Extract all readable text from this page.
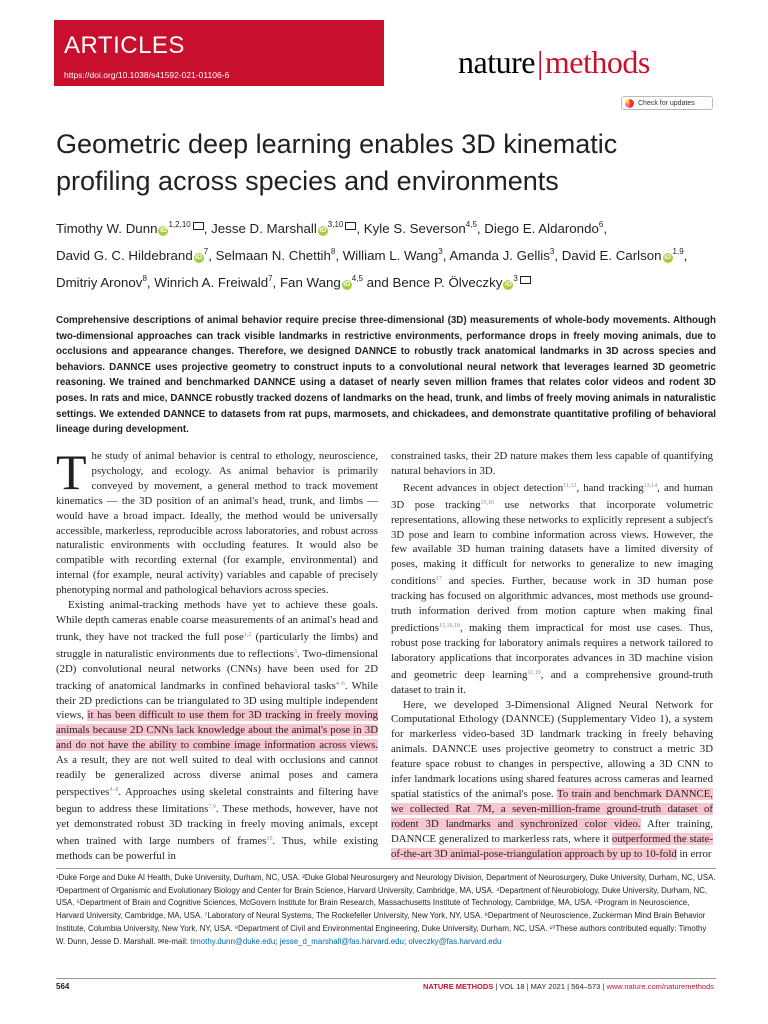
ARTICLES
https://doi.org/10.1038/s41592-021-01106-6	nature|methods
Check for updates
Geometric deep learning enables 3D kinematic profiling across species and environments
Timothy W. Dunn iD$^{1,2,10}$ , Jesse D. Marshall iD$^{3,10}$ , Kyle S. Severson$^{4,5}$, Diego E. Aldarondo$^6$, David G. C. Hildebrand $iD^7$, Selmaan N. Chettih$^8$, William L. Wang$^3$, Amanda J. Gellis$^3$, David E. Carlson iD$^{1,9}$, Dmitriy Aronov$^8$, Winrich A. Freiwald$^7$, Fan Wang iD$^{4,5}$ and Bence P. Ölveczky $iD^3$

Comprehensive descriptions of animal behavior require precise three-dimensional (3D) measurements of whole-body movements. Although two-dimensional approaches can track visible landmarks in restrictive environments, performance drops in freely moving animals, due to occlusions and appearance changes. Therefore, we designed DANNCE to robustly track anatomical landmarks in 3D across species and behaviors. DANNCE uses projective geometry to construct inputs to a convolutional neural network that leverages learned 3D geometric reasoning. We trained and benchmarked DANNCE using a dataset of nearly seven million frames that relates color videos and rodent 3D poses. In rats and mice, DANNCE robustly tracked dozens of landmarks on the head, trunk, and limbs of freely moving animals in naturalistic settings. We extended DANNCE to datasets from rat pups, marmosets, and chickadees, and demonstrate quantitative profiling of behavioral lineage during development.

The study of animal behavior is central to ethology, neuroscience, psychology, and ecology. As animal behavior is primarily conveyed by movement, a general method to track movement kinematics — the 3D position of an animal's head, trunk, and limbs — would have a broad impact. Ideally, the method would be universally accessible, markerless, reproducible across laboratories, and robust across naturalistic environments with occluding features. It would also be compatible with recording external (for example, environmental) and internal (for example, neural activity) variables and capable of precisely phenotyping normal and pathological behaviors across species.

Existing animal-tracking methods have yet to achieve these goals. While depth cameras enable coarse measurements of an animal's head and trunk, they have not tracked the full pose$^{1,2}$ (particularly the limbs) and struggle in naturalistic environments due to reflections$^3$. Two-dimensional (2D) convolutional neural networks (CNNs) have been used for 2D tracking of anatomical landmarks in confined behavioral tasks$^{4-6}$. While their 2D predictions can be triangulated to 3D using multiple independent views, it has been difficult to use them for 3D tracking in freely moving animals because 2D CNNs lack knowledge about the animal's pose in 3D and do not have the ability to combine image information across views. As a result, they are not well suited to deal with occlusions and cannot readily be generalized across diverse animal poses and camera perspectives$^{4-8}$. Approaches using skeletal constraints and filtering have begun to address these limitations$^{7,9}$. These methods, however, have not yet demonstrated robust 3D tracking in freely moving animals, except when trained with large numbers of frames$^{10}$. Thus, while existing methods can be powerful in

constrained tasks, their 2D nature makes them less capable of quantifying natural behaviors in 3D.

Recent advances in object detection$^{11,12}$, hand tracking$^{13,14}$, and human 3D pose tracking$^{15,16}$ use networks that incorporate volumetric representations, allowing these networks to explicitly represent a subject's 3D pose and learn to combine information across views. However, the few available 3D human training datasets have a limited diversity of poses, making it difficult for networks to generalize to new imaging conditions$^{17}$ and species. Further, because work in 3D human pose tracking has focused on algorithmic advances, most methods use ground-truth information derived from motion capture when making final predictions$^{15,16,18}$, making them impractical for most use cases. Thus, robust pose tracking for laboratory animals requires a network tailored to laboratory applications that incorporates advances in 3D machine vision and geometric deep learning$^{11,19}$, and a comprehensive ground-truth dataset to train it.

Here, we developed 3-Dimensional Aligned Neural Network for Computational Ethology (DANNCE) (Supplementary Video 1), a system for markerless video-based 3D landmark tracking in freely behaving animals. DANNCE uses projective geometry to construct a metric 3D feature space robust to changes in perspective, allowing a 3D CNN to infer landmark locations using shared features across cameras and learned spatial statistics of the animal's pose. To train and benchmark DANNCE, we collected Rat 7M, a seven-million-frame ground-truth dataset of rodent 3D landmarks and synchronized color video. After training, DANNCE generalized to markerless rats, where it outperformed the state-of-the-art 3D animal-pose-triangulation approach by up to 10-fold in error

¹Duke Forge and Duke AI Health, Duke University, Durham, NC, USA. ²Duke Global Neurosurgery and Neurology Division, Department of Neurosurgery, Duke University, Durham, NC, USA. ³Department of Organismic and Evolutionary Biology and Center for Brain Science, Harvard University, Cambridge, MA, USA. ⁴Department of Neurobiology, Duke University, Durham, NC, USA. ⁵Department of Brain and Cognitive Sciences, McGovern Institute for Brain Research, Massachusetts Institute of Technology, Cambridge, MA, USA. ⁶Program in Neuroscience, Harvard University, Cambridge, MA, USA. ⁷Laboratory of Neural Systems, The Rockefeller University, New York, NY, USA. ⁸Department of Neuroscience, Zuckerman Mind Brain Behavior Institute, Columbia University, New York, NY, USA. ⁹Department of Civil and Environmental Engineering, Duke University, Durham, NC, USA. ¹⁰These authors contributed equally: Timothy W. Dunn, Jesse D. Marshall. ✉e-mail: timothy.dunn@duke.edu; jesse_d_marshall@fas.harvard.edu; olveczky@fas.harvard.edu

564	NATURE METHODS | VOL 18 | MAY 2021 | 564–573 | www.nature.com/naturemethods
